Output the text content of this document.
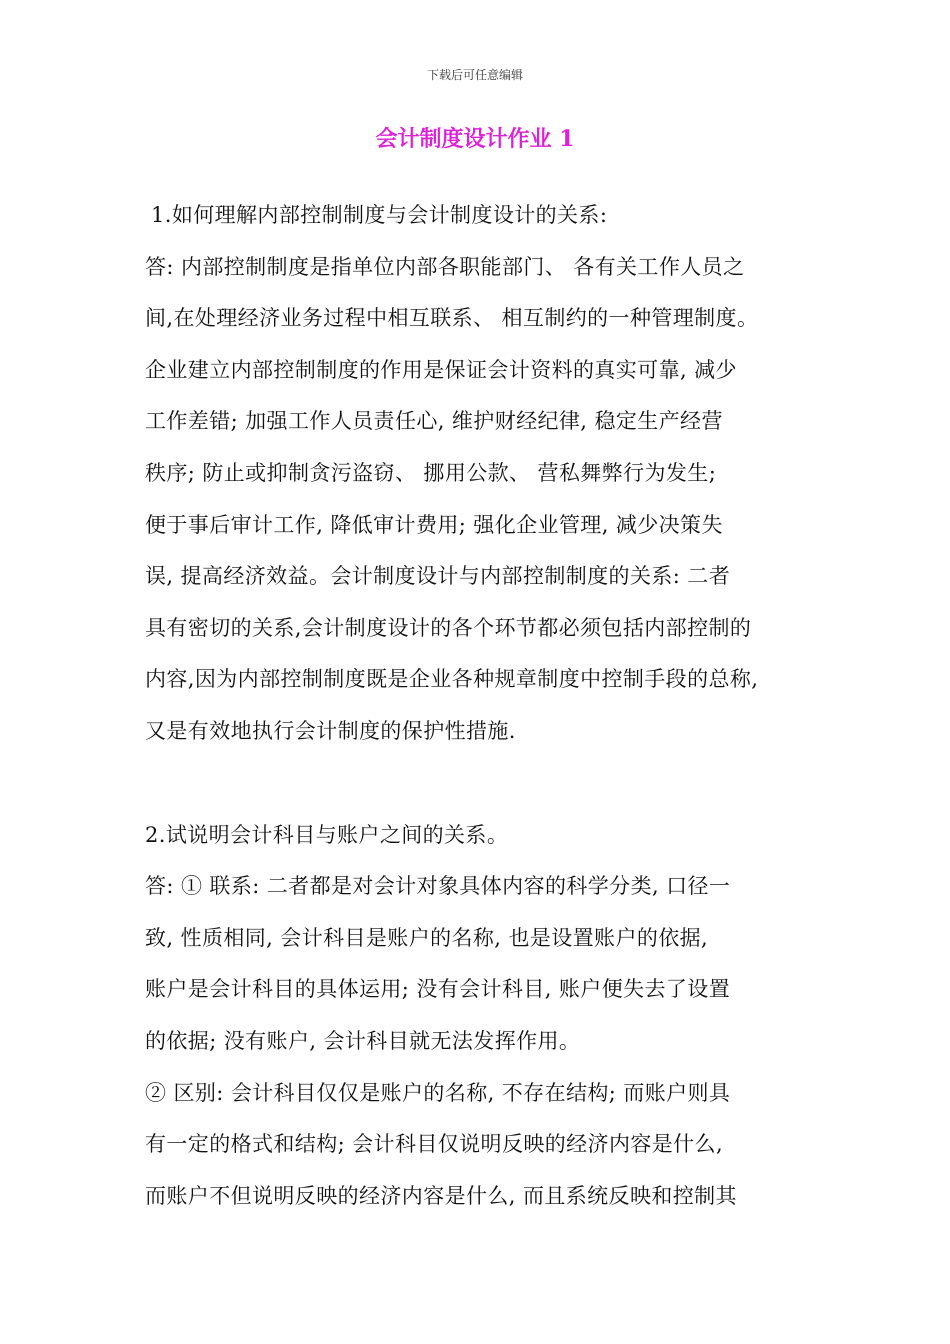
下载后可任意编辑
会计制度设计作业 1
1.如何理解内部控制制度与会计制度设计的关系:
答: 内部控制制度是指单位内部各职能部门、 各有关工作人员之
间,在处理经济业务过程中相互联系、 相互制约的一种管理制度。
企业建立内部控制制度的作用是保证会计资料的真实可靠, 减少
工作差错; 加强工作人员责任心, 维护财经纪律, 稳定生产经营
秩序; 防止或抑制贪污盗窃、 挪用公款、 营私舞弊行为发生;
便于事后审计工作, 降低审计费用; 强化企业管理, 减少决策失
误, 提高经济效益。会计制度设计与内部控制制度的关系: 二者
具有密切的关系,会计制度设计的各个环节都必须包括内部控制的
内容,因为内部控制制度既是企业各种规章制度中控制手段的总称,
又是有效地执行会计制度的保护性措施.
2.试说明会计科目与账户之间的关系。
答: ① 联系: 二者都是对会计对象具体内容的科学分类, 口径一
致, 性质相同, 会计科目是账户的名称, 也是设置账户的依据,
账户是会计科目的具体运用; 没有会计科目, 账户便失去了设置
的依据; 没有账户, 会计科目就无法发挥作用。
② 区别: 会计科目仅仅是账户的名称, 不存在结构; 而账户则具
有一定的格式和结构; 会计科目仅说明反映的经济内容是什么,
而账户不但说明反映的经济内容是什么, 而且系统反映和控制其
